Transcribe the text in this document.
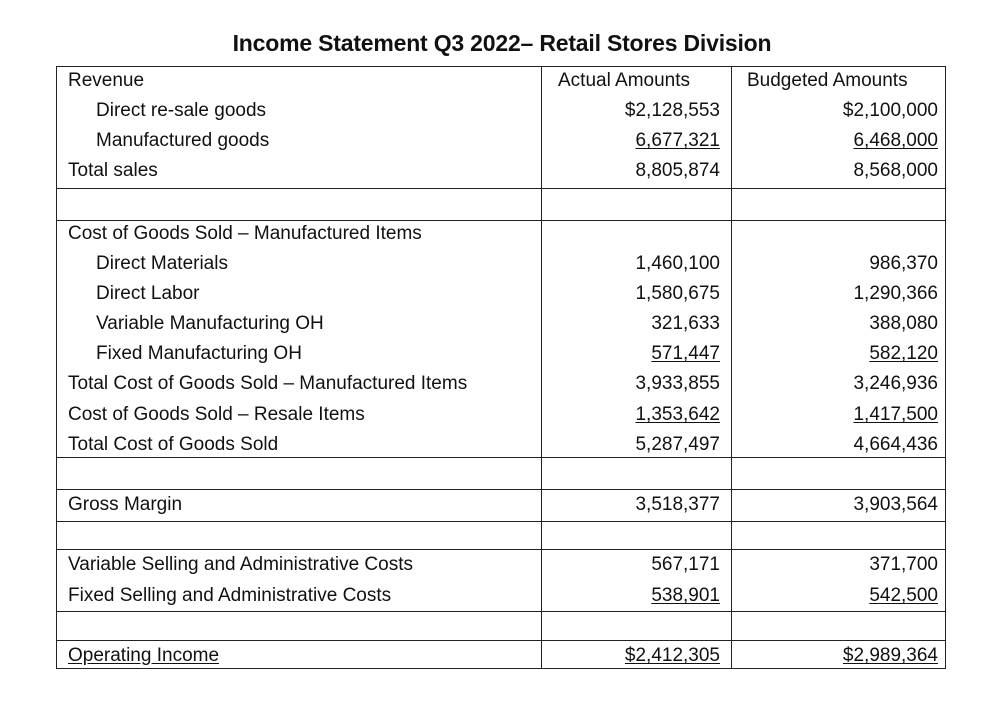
Income Statement Q3 2022– Retail Stores Division
Revenue	Actual Amounts	Budgeted Amounts
Direct re-sale goods	$2,128,553	$2,100,000
Manufactured goods	6,677,321	6,468,000
Total sales	8,805,874	8,568,000
Cost of Goods Sold – Manufactured Items
Direct Materials	1,460,100	986,370
Direct Labor	1,580,675	1,290,366
Variable Manufacturing OH	321,633	388,080
Fixed Manufacturing OH	571,447	582,120
Total Cost of Goods Sold – Manufactured Items	3,933,855	3,246,936
Cost of Goods Sold – Resale Items	1,353,642	1,417,500
Total Cost of Goods Sold	5,287,497	4,664,436
Gross Margin	3,518,377	3,903,564
Variable Selling and Administrative Costs	567,171	371,700
Fixed Selling and Administrative Costs	538,901	542,500
Operating Income	$2,412,305	$2,989,364
